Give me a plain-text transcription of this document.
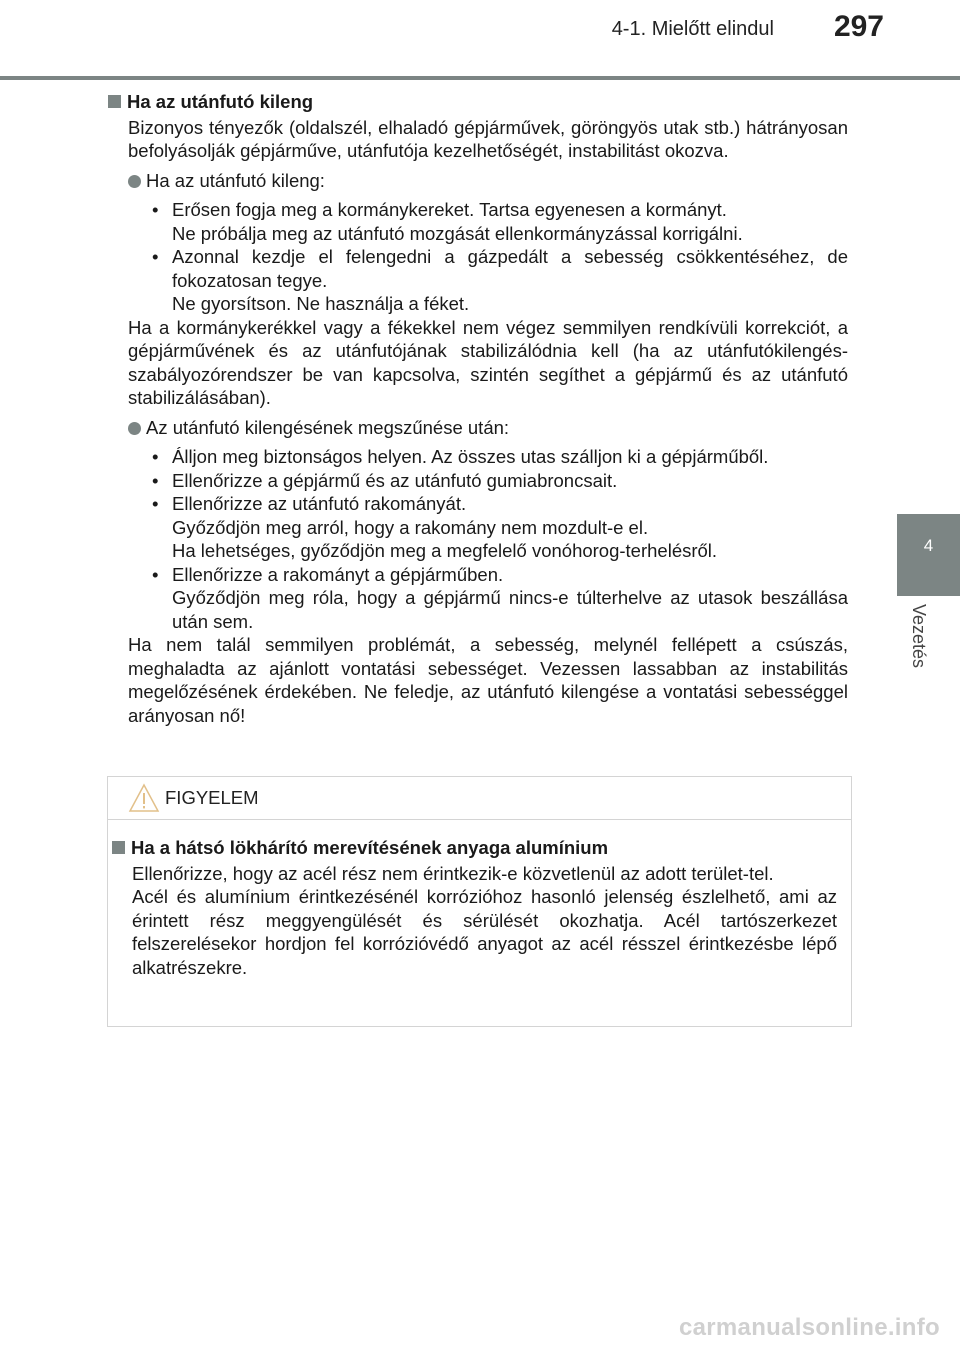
4-1. Mielőtt elindul 297
4
Vezetés
Ha az utánfutó kileng

Bizonyos tényezők (oldalszél, elhaladó gépjárművek, göröngyös utak stb.) hátrányosan befolyásolják gépjárműve, utánfutója kezelhetőségét, instabilitást okozva.

Ha az utánfutó kileng:
• Erősen fogja meg a kormánykereket. Tartsa egyenesen a kormányt.
Ne próbálja meg az utánfutó mozgását ellenkormányzással korrigálni.
• Azonnal kezdje el felengedni a gázpedált a sebesség csökkentéséhez, de fokozatosan tegye.
Ne gyorsítson. Ne használja a féket.

Ha a kormánykerékkel vagy a fékekkel nem végez semmilyen rendkívüli korrekciót, a gépjárművének és az utánfutójának stabilizálódnia kell (ha az utánfutókilengés-szabályozórendszer be van kapcsolva, szintén segíthet a gépjármű és az utánfutó stabilizálásában).

Az utánfutó kilengésének megszűnése után:
• Álljon meg biztonságos helyen. Az összes utas szálljon ki a gépjárműből.
• Ellenőrizze a gépjármű és az utánfutó gumiabroncsait.
• Ellenőrizze az utánfutó rakományát.
Győződjön meg arról, hogy a rakomány nem mozdult-e el.
Ha lehetséges, győződjön meg a megfelelő vonóhorog-terhelésről.
• Ellenőrizze a rakományt a gépjárműben.
Győződjön meg róla, hogy a gépjármű nincs-e túlterhelve az utasok beszállása után sem.

Ha nem talál semmilyen problémát, a sebesség, melynél fellépett a csúszás, meghaladta az ajánlott vontatási sebességet. Vezessen lassabban az instabilitás megelőzésének érdekében. Ne feledje, az utánfutó kilengése a vontatási sebességgel arányosan nő!

FIGYELEM
Ha a hátsó lökhárító merevítésének anyaga alumínium

Ellenőrizze, hogy az acél rész nem érintkezik-e közvetlenül az adott terület-tel.

Acél és alumínium érintkezésénél korrózióhoz hasonló jelenség észlelhető, ami az érintett rész meggyengülését és sérülését okozhatja. Acél tartószerkezet felszerelésekor hordjon fel korrózióvédő anyagot az acél résszel érintkezésbe lépő alkatrészekre.

carmanualsonline.info
